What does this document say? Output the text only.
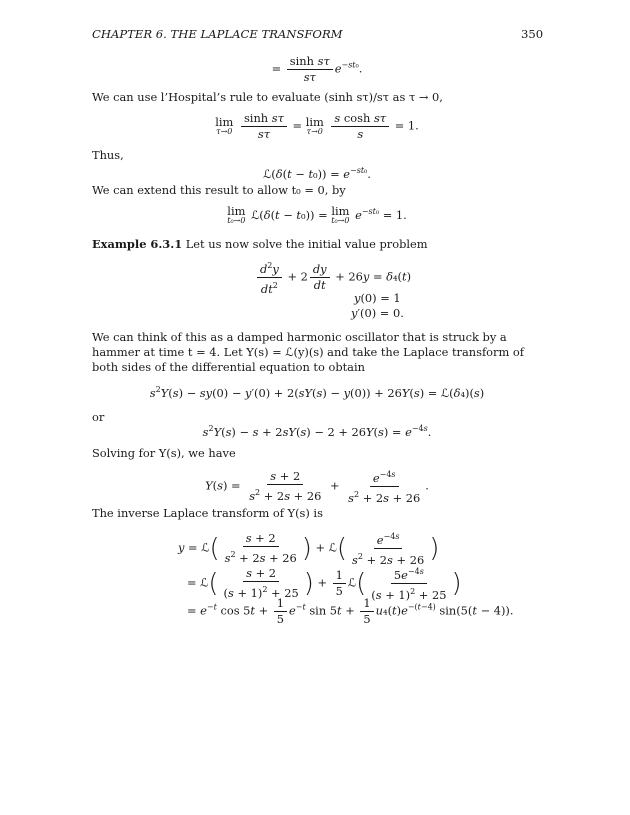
CHAPTER 6. THE LAPLACE TRANSFORM	350
= $\frac{\text{sinh sτ}}{s\tau} e^{-st_0}$.
We can use l’Hospital’s rule to evaluate (sinh sτ)/sτ as τ → 0,
lim
τ→0
$\frac{\text{sinh sτ}}{s\tau} = \lim$
τ→0
$\frac{\text{s cosh sτ}}{s} = 1$.
Thus,
ℒ(δ(t − $t_0)) = e^{-st_0}$.
We can extend this result to allow t₀ = 0, by
lim
t₀→0 ℒ(δ(t − t₀)) = lim
t₀→0 $e^{-st_0} = 1$.
Example 6.3.1 Let us now solve the initial value problem
$\frac{d^2y}{dt^2} + 2 \frac{dy}{dt} + 26y = \delta_4(t)$
y(0) = 1
y′(0) = 0.
We can think of this as a damped harmonic oscillator that is struck by a hammer at time t = 4. Let Y(s) = ℒ(y)(s) and take the Laplace transform of both sides of the differential equation to obtain
$s^2Y(s) - sy(0) - y'(0) + 2(sY(s) - y(0)) + 26Y(s)$ = ℒ(δ₄)(s)
or
$s^2Y(s) - s + 2sY(s) - 2 + 26Y(s) = e^{-4s}$.
Solving for Y(s), we have
$Y(s) = \frac{s + 2}{s^2 + 2s + 26} + \frac{e^{-4s}}{s^2 + 2s + 26}$ .
The inverse Laplace transform of Y(s) is
y = ℒ( $\frac{s + 2}{s^2 + 2s + 26}$ ) + ℒ( $\frac{e^{-4s}}{s^2 + 2s + 26}$ )
= ℒ( $\frac{s + 2}{(s + 1)^2 + 25}$ ) + $\frac{1}{5}$ ℒ( $\frac{5e^{-4s}}{(s + 1)^2 + 25}$ )
= $e^{-t}$ $\cos 5t + \frac{1}{5} e^{-t}$ $\sin 5t + \frac{1}{5} u_4(t)e^{-(t-4)}$ sin(5(t − 4)).
